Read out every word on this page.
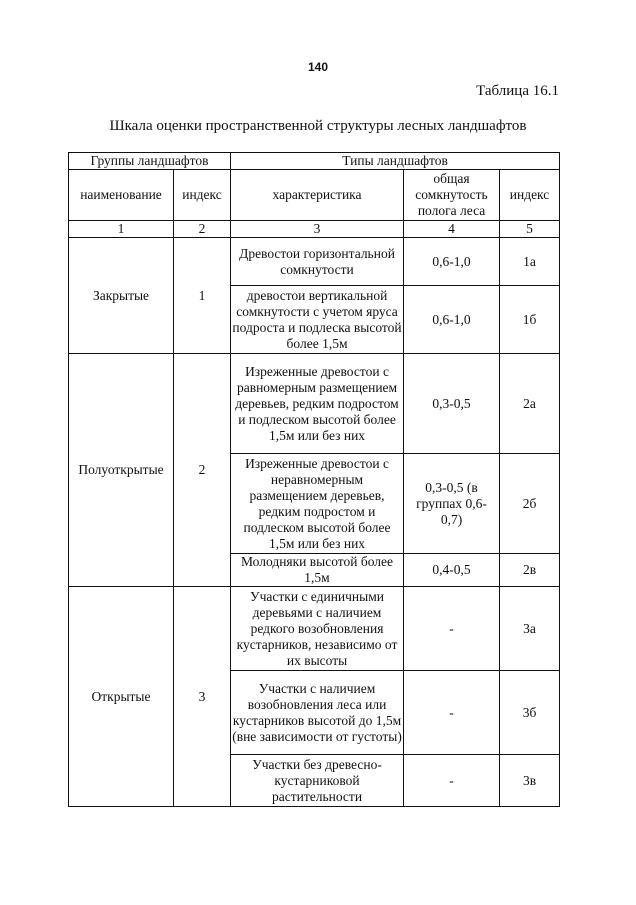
140
Таблица 16.1
Шкала оценки пространственной структуры лесных ландшафтов
Группы ландшафтов		Типы ландшафтов		
наименование	индекс	характеристика	общая сомкнутость полога леса	индекс
1	2	3	4	5
Закрытые	1	Древостои горизонтальной сомкнутости	0,6-1,0	1а

		древостои вертикальной сомкнутости с учетом яруса подроста и подлеска высотой более 1,5м	0,6-1,0	1б
Полуоткрытые	2	Изреженные древостои с равномерным размещением деревьев, редким подростом и подлеском высотой более 1,5м или без них	0,3-0,5	2а

		Изреженные древостои с неравномерным размещением деревьев, редким подростом и подлеском высотой более 1,5м или без них	0,3-0,5 (в группах 0,6-0,7)	2б

		Молодняки высотой более 1,5м	0,4-0,5	2в
Открытые	3	Участки с единичными деревьями с наличием редкого возобновления кустарников, независимо от их высоты	-	3а

		Участки с наличием возобновления леса или кустарников высотой до 1,5м (вне зависимости от густоты)	-	3б

		Участки без древесно-кустарниковой растительности	-	3в
